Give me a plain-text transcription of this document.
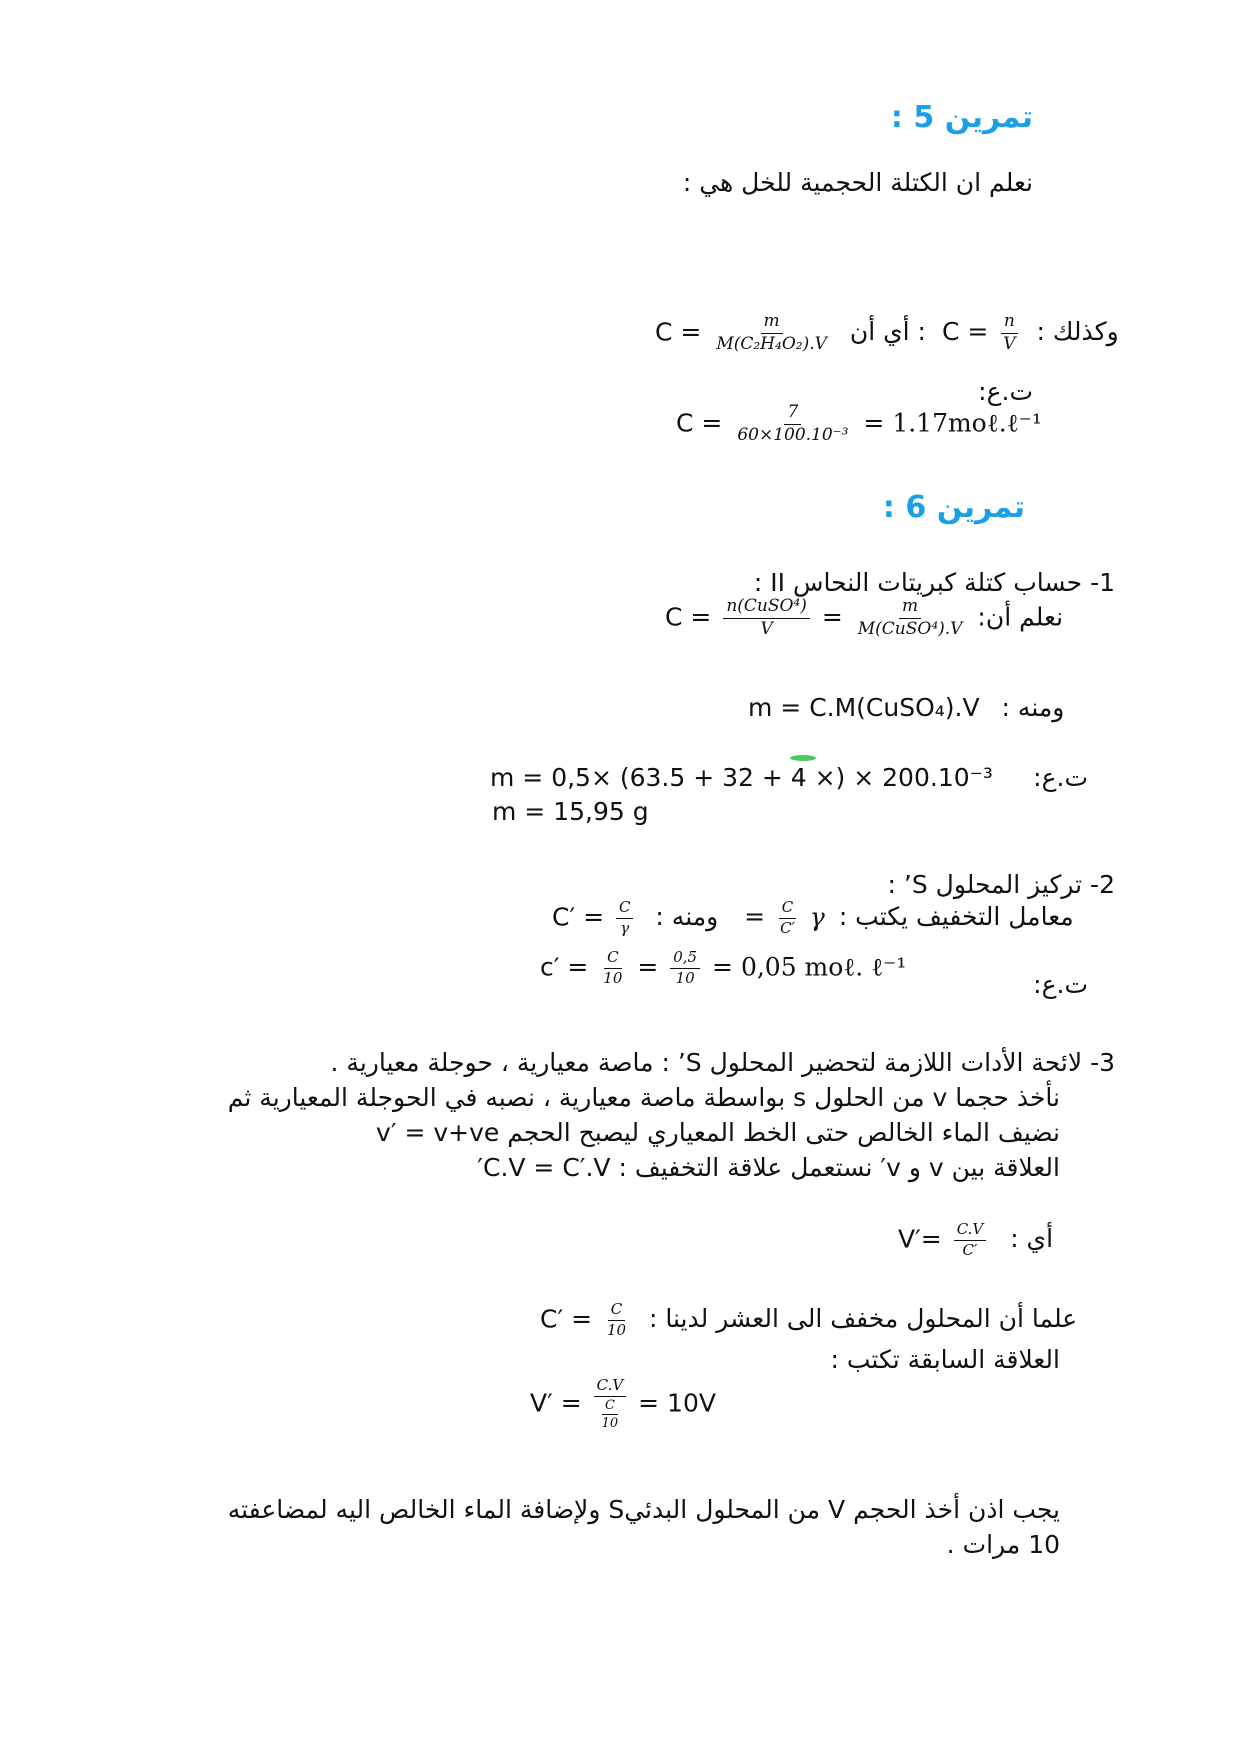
تمرين 5 :
نعلم ان الكتلة الحجمية للخل هي :
$C = \frac{m}{\text{M(C₂H₄O₂).V}}$ : أي أن $C = \frac{n}{V}$ وكذلك :
ت.ع:
$C = \frac{7}{\text{60×100.10⁻³}}$ = 1.17moℓ.ℓ⁻¹
تمرين 6 :
1- حساب كتلة كبريتات النحاس II :
$C = \frac{\text{n(CuSO⁴)}}{V} = \frac{m}{\text{M(CuSO⁴).V}}$ نعلم أن:
m = C.M(CuSO₄).V ومنه :
m = 0,5× (63.5 + 32 + 4 ×) × 200.10⁻³ ت.ع:
m = 15,95 g
2- تركيز المحلول S’ :
$C' = \frac{C}{\gamma}$ ومنه : = $\frac{C}{C'}$ γ معامل التخفيف يكتب :
$c' = \frac{C}{10} = \frac{0,5}{10} = 0,05$ moℓ. ℓ⁻¹
ت.ع:
3- لائحة الأدات اللازمة لتحضير المحلول S’ : ماصة معيارية ، حوجلة معيارية .
نأخذ حجما v من الحلول s بواسطة ماصة معيارية ، نصبه في الحوجلة المعيارية ثم
نضيف الماء الخالص حتى الخط المعياري ليصبح الحجم v′ = v+ve
العلاقة بين v و v′ نستعمل علاقة التخفيف : C.V = C′.V′
$V'= \frac{C.V}{C'}$ أي :
$C' = \frac{C}{10}$ علما أن المحلول مخفف الى العشر لدينا :
العلاقة السابقة تكتب :
$V' = \frac{C.V}{\frac{C}{10}} = 10V$
يجب اذن أخذ الحجم V من المحلول البدئيS ولإضافة الماء الخالص اليه لمضاعفته
10 مرات .
